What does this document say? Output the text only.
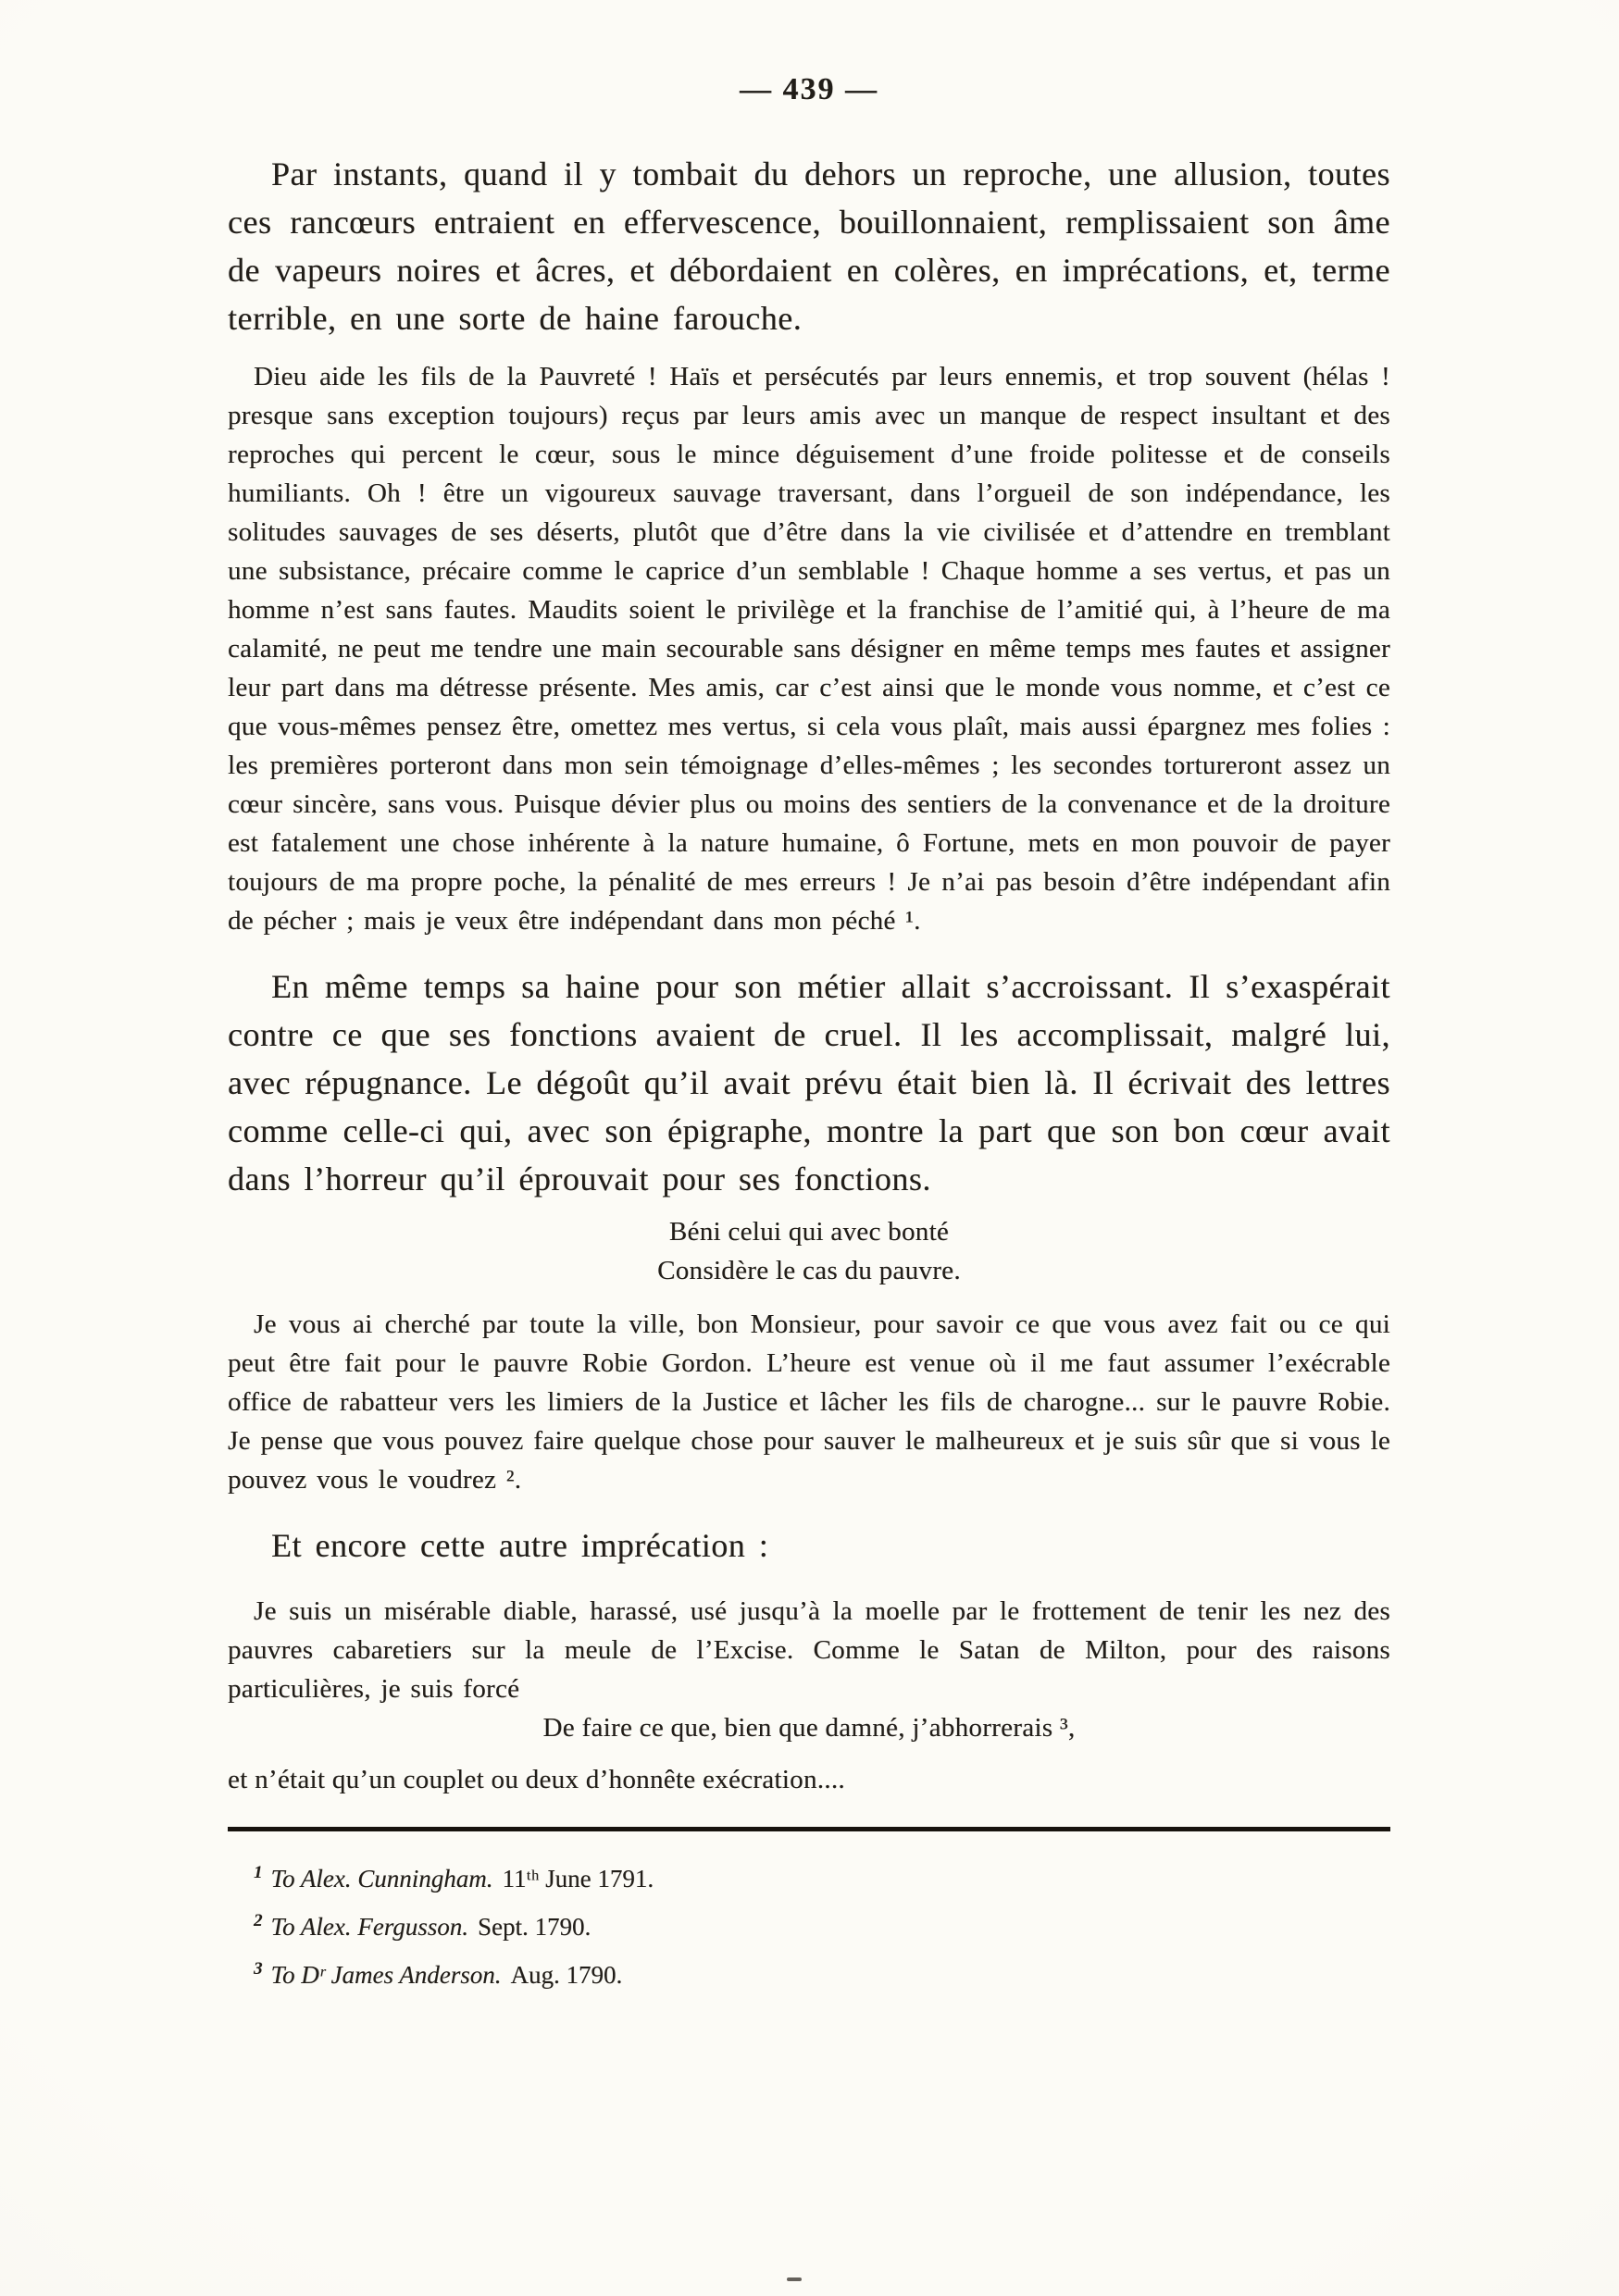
— 439 —

Par instants, quand il y tombait du dehors un reproche, une allusion, toutes ces rancœurs entraient en effervescence, bouillonnaient, remplissaient son âme de vapeurs noires et âcres, et débordaient en colères, en imprécations, et, terme terrible, en une sorte de haine farouche.

Dieu aide les fils de la Pauvreté ! Haïs et persécutés par leurs ennemis, et trop souvent (hélas ! presque sans exception toujours) reçus par leurs amis avec un manque de respect insultant et des reproches qui percent le cœur, sous le mince déguisement d’une froide politesse et de conseils humiliants. Oh ! être un vigoureux sauvage traversant, dans l’orgueil de son indépendance, les solitudes sauvages de ses déserts, plutôt que d’être dans la vie civilisée et d’attendre en tremblant une subsistance, précaire comme le caprice d’un semblable ! Chaque homme a ses vertus, et pas un homme n’est sans fautes. Maudits soient le privilège et la franchise de l’amitié qui, à l’heure de ma calamité, ne peut me tendre une main secourable sans désigner en même temps mes fautes et assigner leur part dans ma détresse présente. Mes amis, car c’est ainsi que le monde vous nomme, et c’est ce que vous-mêmes pensez être, omettez mes vertus, si cela vous plaît, mais aussi épargnez mes folies : les premières porteront dans mon sein témoignage d’elles-mêmes ; les secondes tortureront assez un cœur sincère, sans vous. Puisque dévier plus ou moins des sentiers de la convenance et de la droiture est fatalement une chose inhérente à la nature humaine, ô Fortune, mets en mon pouvoir de payer toujours de ma propre poche, la pénalité de mes erreurs ! Je n’ai pas besoin d’être indépendant afin de pécher ; mais je veux être indépendant dans mon péché ¹.

En même temps sa haine pour son métier allait s’accroissant. Il s’exaspérait contre ce que ses fonctions avaient de cruel. Il les accomplissait, malgré lui, avec répugnance. Le dégoût qu’il avait prévu était bien là. Il écrivait des lettres comme celle-ci qui, avec son épigraphe, montre la part que son bon cœur avait dans l’horreur qu’il éprouvait pour ses fonctions.

Béni celui qui avec bonté
Considère le cas du pauvre.

Je vous ai cherché par toute la ville, bon Monsieur, pour savoir ce que vous avez fait ou ce qui peut être fait pour le pauvre Robie Gordon. L’heure est venue où il me faut assumer l’exécrable office de rabatteur vers les limiers de la Justice et lâcher les fils de charogne... sur le pauvre Robie. Je pense que vous pouvez faire quelque chose pour sauver le malheureux et je suis sûr que si vous le pouvez vous le voudrez ².

Et encore cette autre imprécation :

Je suis un misérable diable, harassé, usé jusqu’à la moelle par le frottement de tenir les nez des pauvres cabaretiers sur la meule de l’Excise. Comme le Satan de Milton, pour des raisons particulières, je suis forcé

De faire ce que, bien que damné, j’abhorrerais ³,

et n’était qu’un couplet ou deux d’honnête exécration....

1 To Alex. Cunningham. 11ᵗʰ June 1791.
2 To Alex. Fergusson. Sept. 1790.
3 To Dʳ James Anderson. Aug. 1790.
